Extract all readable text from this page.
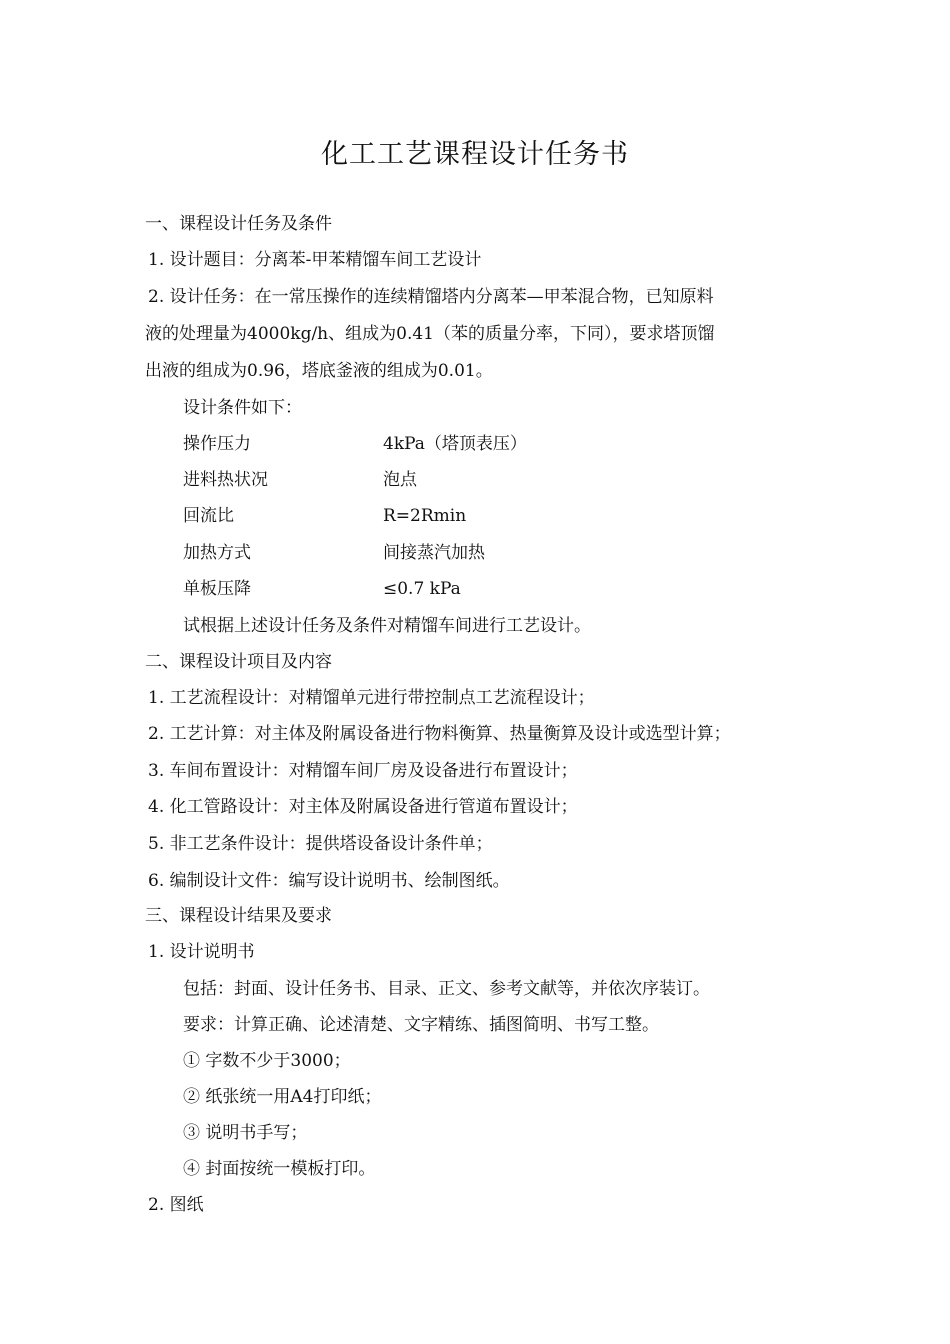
化工工艺课程设计任务书
一、课程设计任务及条件
1. 设计题目：分离苯-甲苯精馏车间工艺设计
2. 设计任务：在一常压操作的连续精馏塔内分离苯—甲苯混合物，已知原料
液的处理量为4000kg/h、组成为0.41（苯的质量分率，下同），要求塔顶馏
出液的组成为0.96，塔底釜液的组成为0.01。
设计条件如下：
操作压力	4kPa（塔顶表压）
进料热状况	泡点
回流比	R=2Rmin
加热方式	间接蒸汽加热
单板压降	≤0.7 kPa
试根据上述设计任务及条件对精馏车间进行工艺设计。
二、课程设计项目及内容
1. 工艺流程设计：对精馏单元进行带控制点工艺流程设计；
2. 工艺计算：对主体及附属设备进行物料衡算、热量衡算及设计或选型计算；
3. 车间布置设计：对精馏车间厂房及设备进行布置设计；
4. 化工管路设计：对主体及附属设备进行管道布置设计；
5. 非工艺条件设计：提供塔设备设计条件单；
6. 编制设计文件：编写设计说明书、绘制图纸。
三、课程设计结果及要求
1. 设计说明书
包括：封面、设计任务书、目录、正文、参考文献等，并依次序装订。
要求：计算正确、论述清楚、文字精练、插图简明、书写工整。
① 字数不少于3000；
② 纸张统一用A4打印纸；
③ 说明书手写；
④ 封面按统一模板打印。
2. 图纸
